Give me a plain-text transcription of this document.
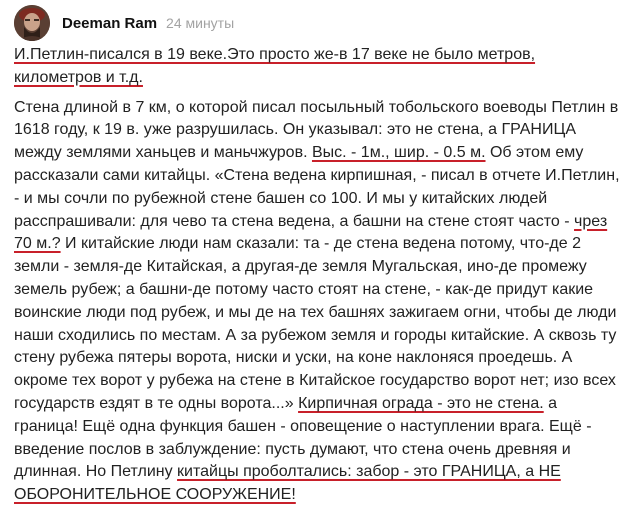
Deeman Ram 24 минуты

И.Петлин-писался в 19 веке.Это просто же-в 17 веке не было метров, километров и т.д.

Стена длиной в 7 км, о которой писал посыльный тобольского воеводы Петлин в 1618 году, к 19 в. уже разрушилась. Он указывал: это не стена, а ГРАНИЦА между землями ханьцев и маньчжуров. Выс. - 1м., шир. - 0.5 м. Об этом ему рассказали сами китайцы. «Стена ведена кирпишная, - писал в отчете И.Петлин, - и мы сочли по рубежной стене башен со 100. И мы у китайских людей расспрашивали: для чево та стена ведена, а башни на стене стоят часто - чрез 70 м.? И китайские люди нам сказали: та - де стена ведена потому, что-де 2 земли - земля-де Китайская, а другая-де земля Мугальская, ино-де промежу земель рубеж; а башни-де потому часто стоят на стене, - как-де придут какие воинские люди под рубеж, и мы де на тех башнях зажигаем огни, чтобы де люди наши сходились по местам. А за рубежом земля и городы китайские. А сквозь ту стену рубежа пятеры ворота, ниски и уски, на коне наклоняся проедешь. А окроме тех ворот у рубежа на стене в Китайское государство ворот нет; изо всех государств ездят в те одны ворота...» Кирпичная ограда - это не стена. а граница! Ещё одна функция башен - оповещение о наступлении врага. Ещё - введение послов в заблуждение: пусть думают, что стена очень древняя и длинная. Но Петлину китайцы проболтались: забор - это ГРАНИЦА, а НЕ ОБОРОНИТЕЛЬНОЕ СООРУЖЕНИЕ!
